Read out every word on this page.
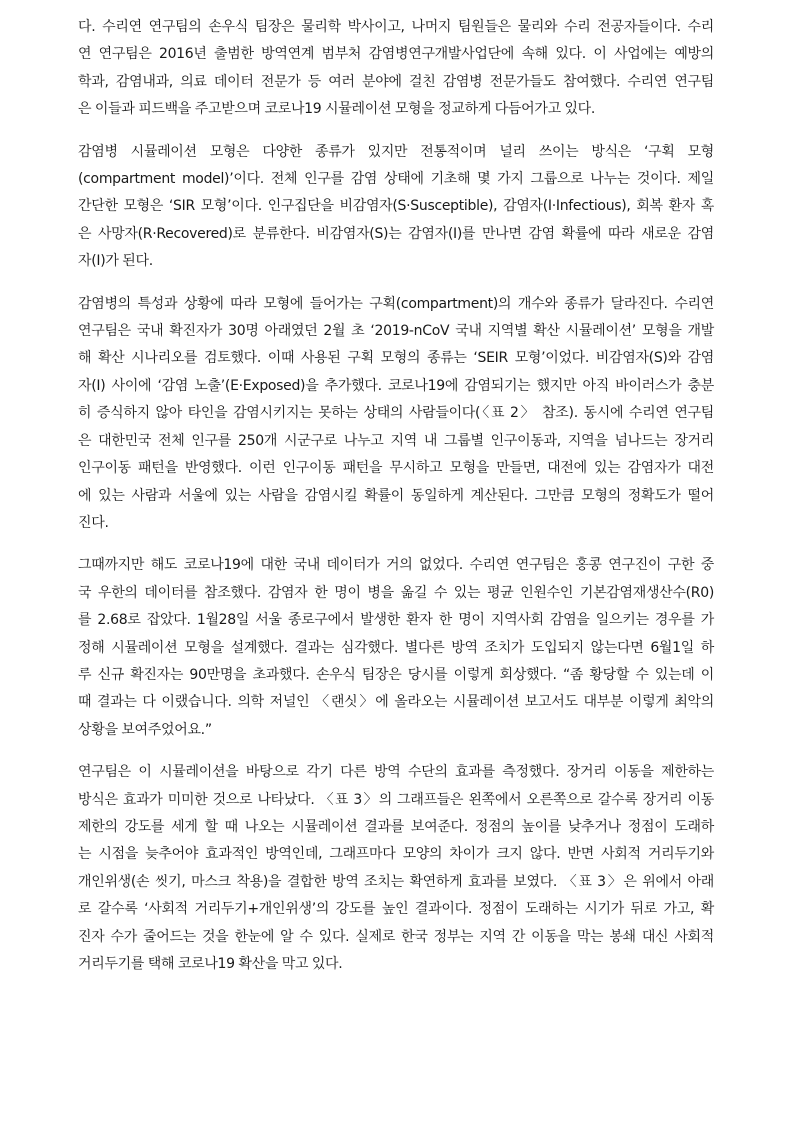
다. 수리연 연구팀의 손우식 팀장은 물리학 박사이고, 나머지 팀원들은 물리와 수리 전공자들이다. 수리
연 연구팀은 2016년 출범한 방역연계 범부처 감염병연구개발사업단에 속해 있다. 이 사업에는 예방의
학과, 감염내과, 의료 데이터 전문가 등 여러 분야에 걸친 감염병 전문가들도 참여했다. 수리연 연구팀
은 이들과 피드백을 주고받으며 코로나19 시뮬레이션 모형을 정교하게 다듬어가고 있다.

감염병 시뮬레이션 모형은 다양한 종류가 있지만 전통적이며 널리 쓰이는 방식은 ‘구획 모형
(compartment model)’이다. 전체 인구를 감염 상태에 기초해 몇 가지 그룹으로 나누는 것이다. 제일
간단한 모형은 ‘SIR 모형’이다. 인구집단을 비감염자(S·Susceptible), 감염자(I·Infectious), 회복 환자 혹
은 사망자(R·Recovered)로 분류한다. 비감염자(S)는 감염자(I)를 만나면 감염 확률에 따라 새로운 감염
자(I)가 된다.

감염병의 특성과 상황에 따라 모형에 들어가는 구획(compartment)의 개수와 종류가 달라진다. 수리연
연구팀은 국내 확진자가 30명 아래였던 2월 초 ‘2019-nCoV 국내 지역별 확산 시뮬레이션’ 모형을 개발
해 확산 시나리오를 검토했다. 이때 사용된 구획 모형의 종류는 ‘SEIR 모형’이었다. 비감염자(S)와 감염
자(I) 사이에 ‘감염 노출’(E·Exposed)을 추가했다. 코로나19에 감염되기는 했지만 아직 바이러스가 충분
히 증식하지 않아 타인을 감염시키지는 못하는 상태의 사람들이다(〈표 2〉 참조). 동시에 수리연 연구팀
은 대한민국 전체 인구를 250개 시군구로 나누고 지역 내 그룹별 인구이동과, 지역을 넘나드는 장거리
인구이동 패턴을 반영했다. 이런 인구이동 패턴을 무시하고 모형을 만들면, 대전에 있는 감염자가 대전
에 있는 사람과 서울에 있는 사람을 감염시킬 확률이 동일하게 계산된다. 그만큼 모형의 정확도가 떨어
진다.

그때까지만 해도 코로나19에 대한 국내 데이터가 거의 없었다. 수리연 연구팀은 홍콩 연구진이 구한 중
국 우한의 데이터를 참조했다. 감염자 한 명이 병을 옮길 수 있는 평균 인원수인 기본감염재생산수(R0)
를 2.68로 잡았다. 1월28일 서울 종로구에서 발생한 환자 한 명이 지역사회 감염을 일으키는 경우를 가
정해 시뮬레이션 모형을 설계했다. 결과는 심각했다. 별다른 방역 조치가 도입되지 않는다면 6월1일 하
루 신규 확진자는 90만명을 초과했다. 손우식 팀장은 당시를 이렇게 회상했다. “좀 황당할 수 있는데 이
때 결과는 다 이랬습니다. 의학 저널인 〈랜싯〉에 올라오는 시뮬레이션 보고서도 대부분 이렇게 최악의
상황을 보여주었어요.”

연구팀은 이 시뮬레이션을 바탕으로 각기 다른 방역 수단의 효과를 측정했다. 장거리 이동을 제한하는
방식은 효과가 미미한 것으로 나타났다. 〈표 3〉의 그래프들은 왼쪽에서 오른쪽으로 갈수록 장거리 이동
제한의 강도를 세게 할 때 나오는 시뮬레이션 결과를 보여준다. 정점의 높이를 낮추거나 정점이 도래하
는 시점을 늦추어야 효과적인 방역인데, 그래프마다 모양의 차이가 크지 않다. 반면 사회적 거리두기와
개인위생(손 씻기, 마스크 착용)을 결합한 방역 조치는 확연하게 효과를 보였다. 〈표 3〉은 위에서 아래
로 갈수록 ‘사회적 거리두기+개인위생’의 강도를 높인 결과이다. 정점이 도래하는 시기가 뒤로 가고, 확
진자 수가 줄어드는 것을 한눈에 알 수 있다. 실제로 한국 정부는 지역 간 이동을 막는 봉쇄 대신 사회적
거리두기를 택해 코로나19 확산을 막고 있다.
